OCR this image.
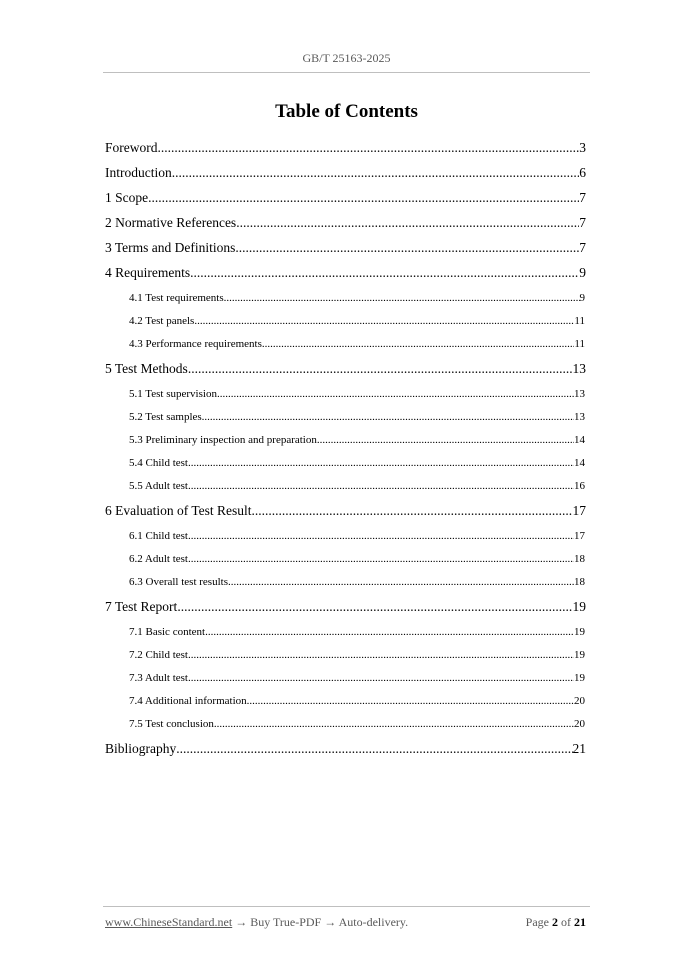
GB/T 25163-2025
Table of Contents
Foreword .....	3
Introduction .....	6
1 Scope .....	7
2 Normative References .....	7
3 Terms and Definitions .....	7
4 Requirements .....	9
4.1 Test requirements .....	9
4.2 Test panels .....	11
4.3 Performance requirements .....	11
5 Test Methods .....	13
5.1 Test supervision .....	13
5.2 Test samples .....	13
5.3 Preliminary inspection and preparation .....	14
5.4 Child test .....	14
5.5 Adult test .....	16
6 Evaluation of Test Result .....	17
6.1 Child test .....	17
6.2 Adult test .....	18
6.3 Overall test results .....	18
7 Test Report .....	19
7.1 Basic content .....	19
7.2 Child test .....	19
7.3 Adult test .....	19
7.4 Additional information .....	20
7.5 Test conclusion .....	20
Bibliography .....	21
www.ChineseStandard.net → Buy True-PDF → Auto-delivery.	Page 2 of 21
